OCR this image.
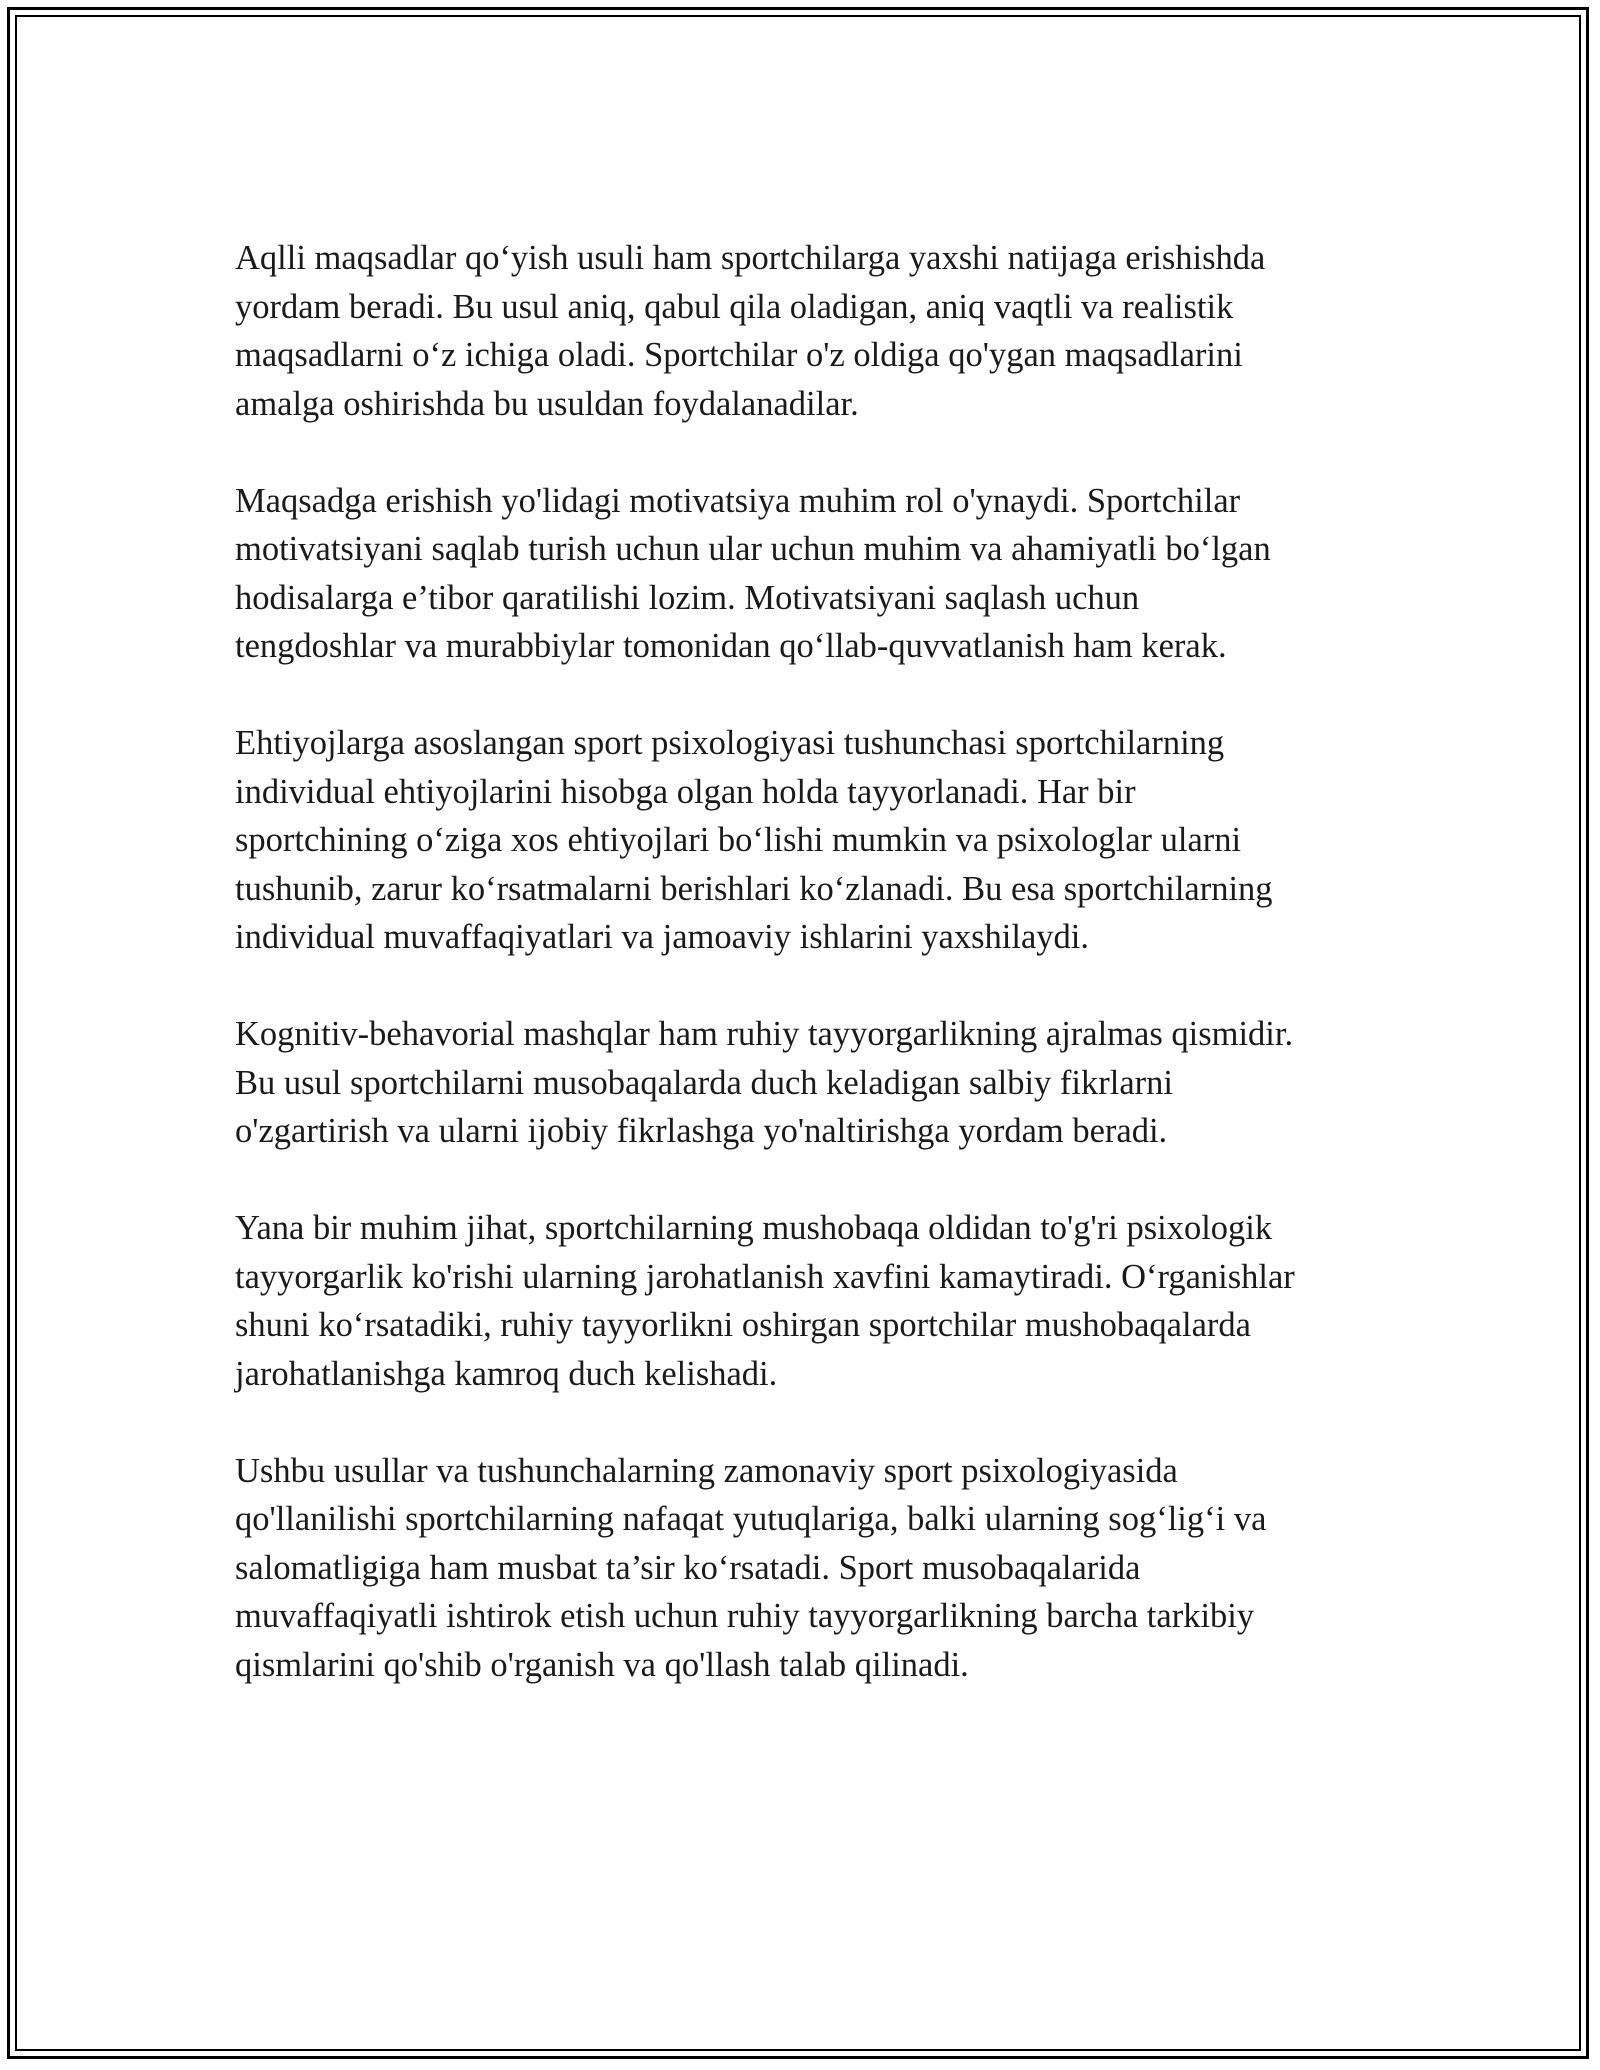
Aqlli maqsadlar qo‘yish usuli ham sportchilarga yaxshi natijaga erishishda
yordam beradi. Bu usul aniq, qabul qila oladigan, aniq vaqtli va realistik
maqsadlarni o‘z ichiga oladi. Sportchilar o'z oldiga qo'ygan maqsadlarini
amalga oshirishda bu usuldan foydalanadilar.

Maqsadga erishish yo'lidagi motivatsiya muhim rol o'ynaydi. Sportchilar
motivatsiyani saqlab turish uchun ular uchun muhim va ahamiyatli bo‘lgan
hodisalarga e’tibor qaratilishi lozim. Motivatsiyani saqlash uchun
tengdoshlar va murabbiylar tomonidan qo‘llab-quvvatlanish ham kerak.

Ehtiyojlarga asoslangan sport psixologiyasi tushunchasi sportchilarning
individual ehtiyojlarini hisobga olgan holda tayyorlanadi. Har bir
sportchining o‘ziga xos ehtiyojlari bo‘lishi mumkin va psixologlar ularni
tushunib, zarur ko‘rsatmalarni berishlari ko‘zlanadi. Bu esa sportchilarning
individual muvaffaqiyatlari va jamoaviy ishlarini yaxshilaydi.

Kognitiv-behavorial mashqlar ham ruhiy tayyorgarlikning ajralmas qismidir.
Bu usul sportchilarni musobaqalarda duch keladigan salbiy fikrlarni
o'zgartirish va ularni ijobiy fikrlashga yo'naltirishga yordam beradi.

Yana bir muhim jihat, sportchilarning mushobaqa oldidan to'g'ri psixologik
tayyorgarlik ko'rishi ularning jarohatlanish xavfini kamaytiradi. O‘rganishlar
shuni ko‘rsatadiki, ruhiy tayyorlikni oshirgan sportchilar mushobaqalarda
jarohatlanishga kamroq duch kelishadi.

Ushbu usullar va tushunchalarning zamonaviy sport psixologiyasida
qo'llanilishi sportchilarning nafaqat yutuqlariga, balki ularning sog‘lig‘i va
salomatligiga ham musbat ta’sir ko‘rsatadi. Sport musobaqalarida
muvaffaqiyatli ishtirok etish uchun ruhiy tayyorgarlikning barcha tarkibiy
qismlarini qo'shib o'rganish va qo'llash talab qilinadi.
